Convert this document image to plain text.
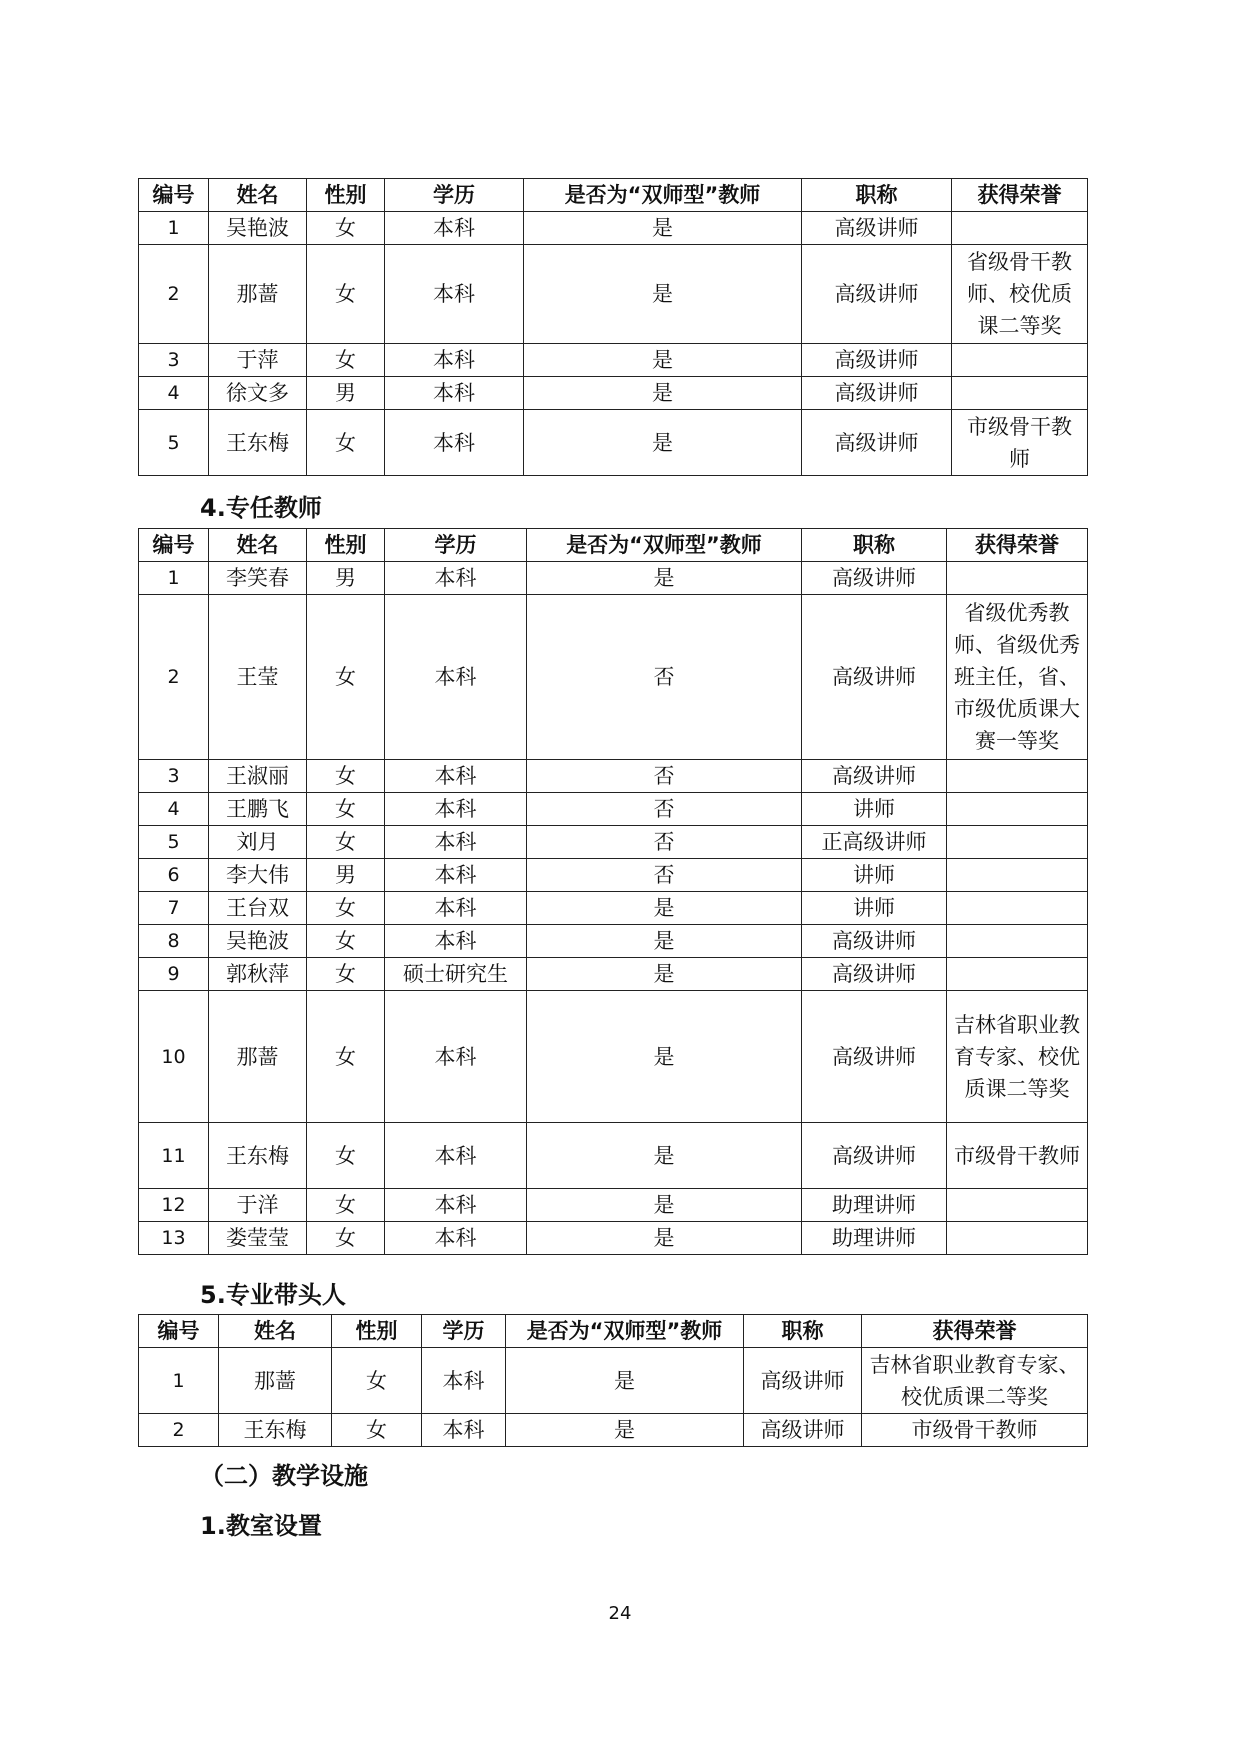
编号	姓名	性别	学历	是否为“双师型”教师	职称	获得荣誉
1	吴艳波	女	本科	是	高级讲师	
2	那蔷	女	本科	是	高级讲师	省级骨干教师、校优质课二等奖
3	于萍	女	本科	是	高级讲师	
4	徐文多	男	本科	是	高级讲师	
5	王东梅	女	本科	是	高级讲师	市级骨干教师
4.专任教师
编号	姓名	性别	学历	是否为“双师型”教师	职称	获得荣誉
1	李笑春	男	本科	是	高级讲师	
2	王莹	女	本科	否	高级讲师	省级优秀教师、省级优秀班主任，省、市级优质课大赛一等奖
3	王淑丽	女	本科	否	高级讲师	
4	王鹏飞	女	本科	否	讲师	
5	刘月	女	本科	否	正高级讲师	
6	李大伟	男	本科	否	讲师	
7	王台双	女	本科	是	讲师	
8	吴艳波	女	本科	是	高级讲师	
9	郭秋萍	女	硕士研究生	是	高级讲师	
10	那蔷	女	本科	是	高级讲师	吉林省职业教育专家、校优质课二等奖
11	王东梅	女	本科	是	高级讲师	市级骨干教师
12	于洋	女	本科	是	助理讲师	
13	娄莹莹	女	本科	是	助理讲师	
5.专业带头人
编号	姓名	性别	学历	是否为“双师型”教师	职称	获得荣誉
1	那蔷	女	本科	是	高级讲师	吉林省职业教育专家、校优质课二等奖
2	王东梅	女	本科	是	高级讲师	市级骨干教师
（二）教学设施
1.教室设置
24
